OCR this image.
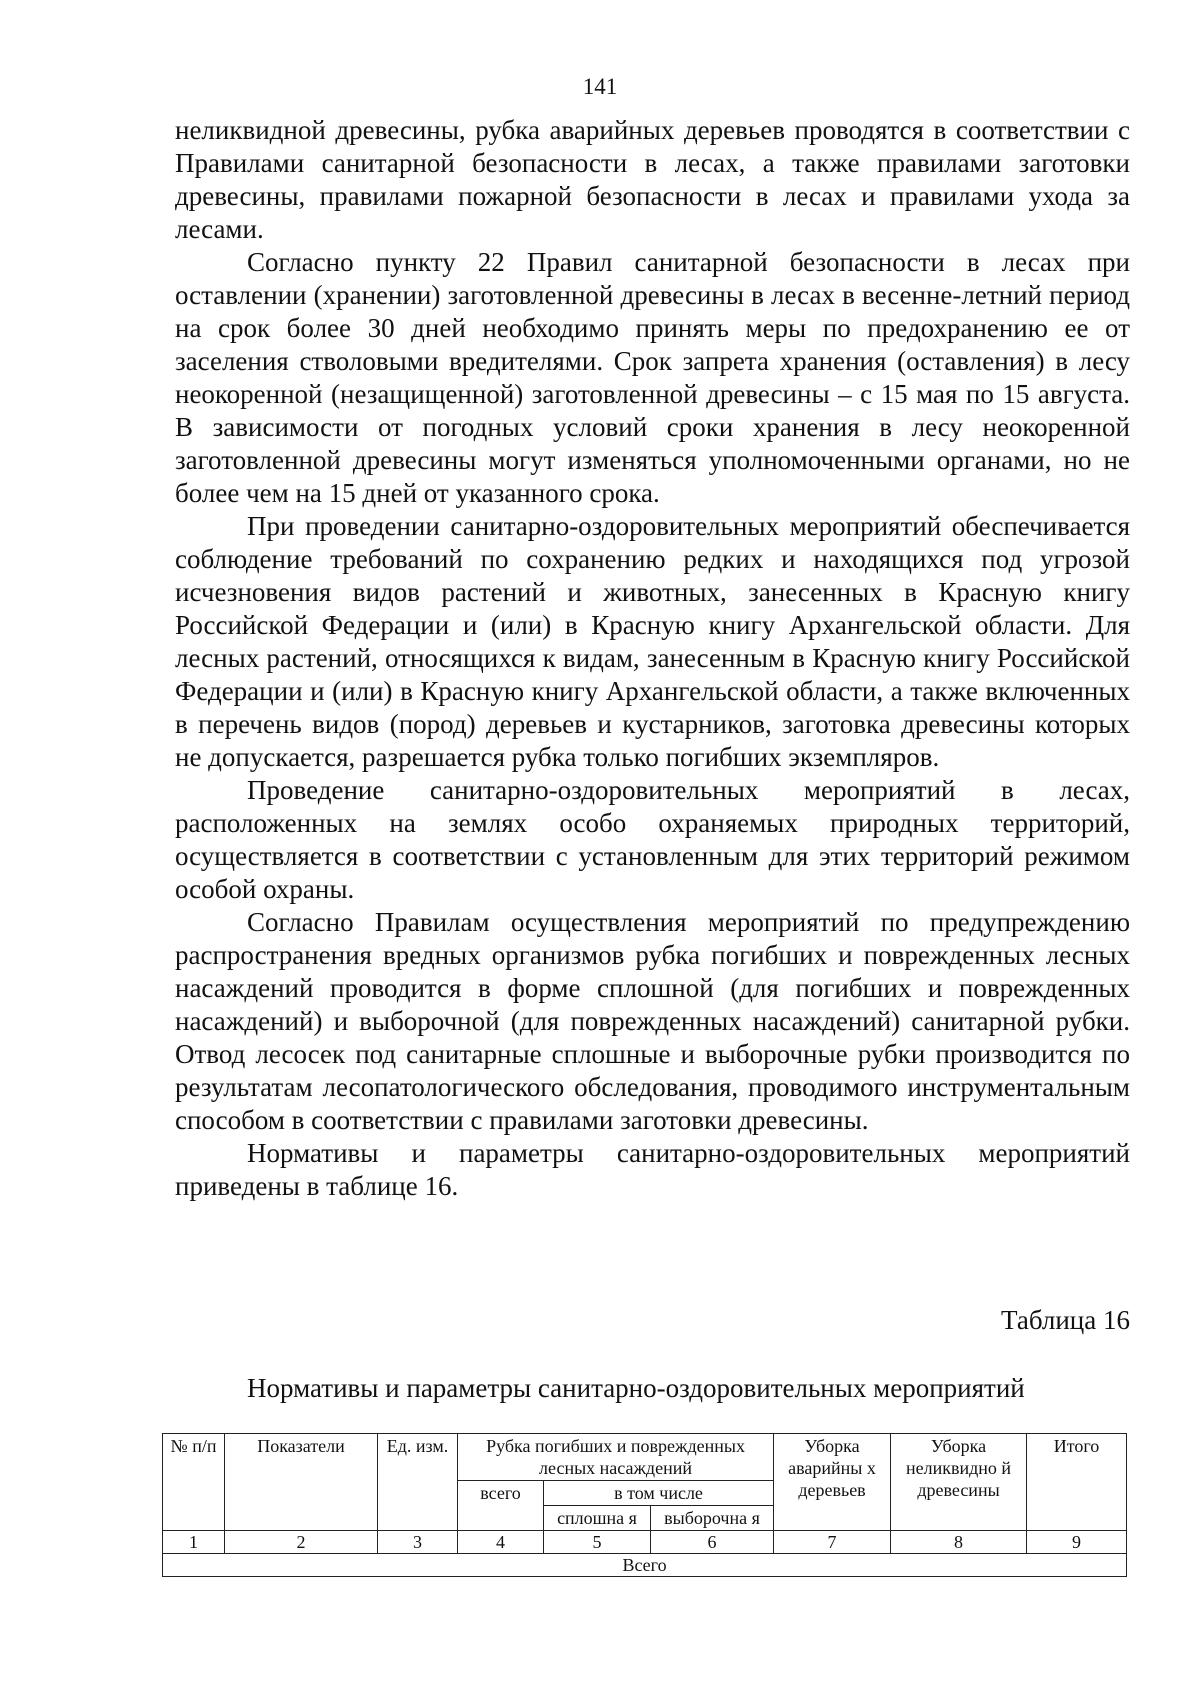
141

неликвидной древесины, рубка аварийных деревьев проводятся в соответствии с Правилами санитарной безопасности в лесах, а также правилами заготовки древесины, правилами пожарной безопасности в лесах и правилами ухода за лесами.

Согласно пункту 22 Правил санитарной безопасности в лесах при оставлении (хранении) заготовленной древесины в лесах в весенне-летний период на срок более 30 дней необходимо принять меры по предохранению ее от заселения стволовыми вредителями. Срок запрета хранения (оставления) в лесу неокоренной (незащищенной) заготовленной древесины – с 15 мая по 15 августа. В зависимости от погодных условий сроки хранения в лесу неокоренной заготовленной древесины могут изменяться уполномоченными органами, но не более чем на 15 дней от указанного срока.

При проведении санитарно-оздоровительных мероприятий обеспечивается соблюдение требований по сохранению редких и находящихся под угрозой исчезновения видов растений и животных, занесенных в Красную книгу Российской Федерации и (или) в Красную книгу Архангельской области. Для лесных растений, относящихся к видам, занесенным в Красную книгу Российской Федерации и (или) в Красную книгу Архангельской области, а также включенных в перечень видов (пород) деревьев и кустарников, заготовка древесины которых не допускается, разрешается рубка только погибших экземпляров.

Проведение санитарно-оздоровительных мероприятий в лесах, расположенных на землях особо охраняемых природных территорий, осуществляется в соответствии с установленным для этих территорий режимом особой охраны.

Согласно Правилам осуществления мероприятий по предупреждению распространения вредных организмов рубка погибших и поврежденных лесных насаждений проводится в форме сплошной (для погибших и поврежденных насаждений) и выборочной (для поврежденных насаждений) санитарной рубки. Отвод лесосек под санитарные сплошные и выборочные рубки производится по результатам лесопатологического обследования, проводимого инструментальным способом в соответствии с правилами заготовки древесины.

Нормативы и параметры санитарно-оздоровительных мероприятий приведены в таблице 16.

Таблица 16
Нормативы и параметры санитарно-оздоровительных мероприятий
№ п/п	Показатели	Ед. изм.	Рубка погибших и поврежденных лесных насаждений			Уборка аварийны х деревьев	Уборка неликвидно й древесины	Итого
			всего	в том числе				
				сплошна я	выборочна я			
1	2	3	4	5	6	7	8	9
Всего								
